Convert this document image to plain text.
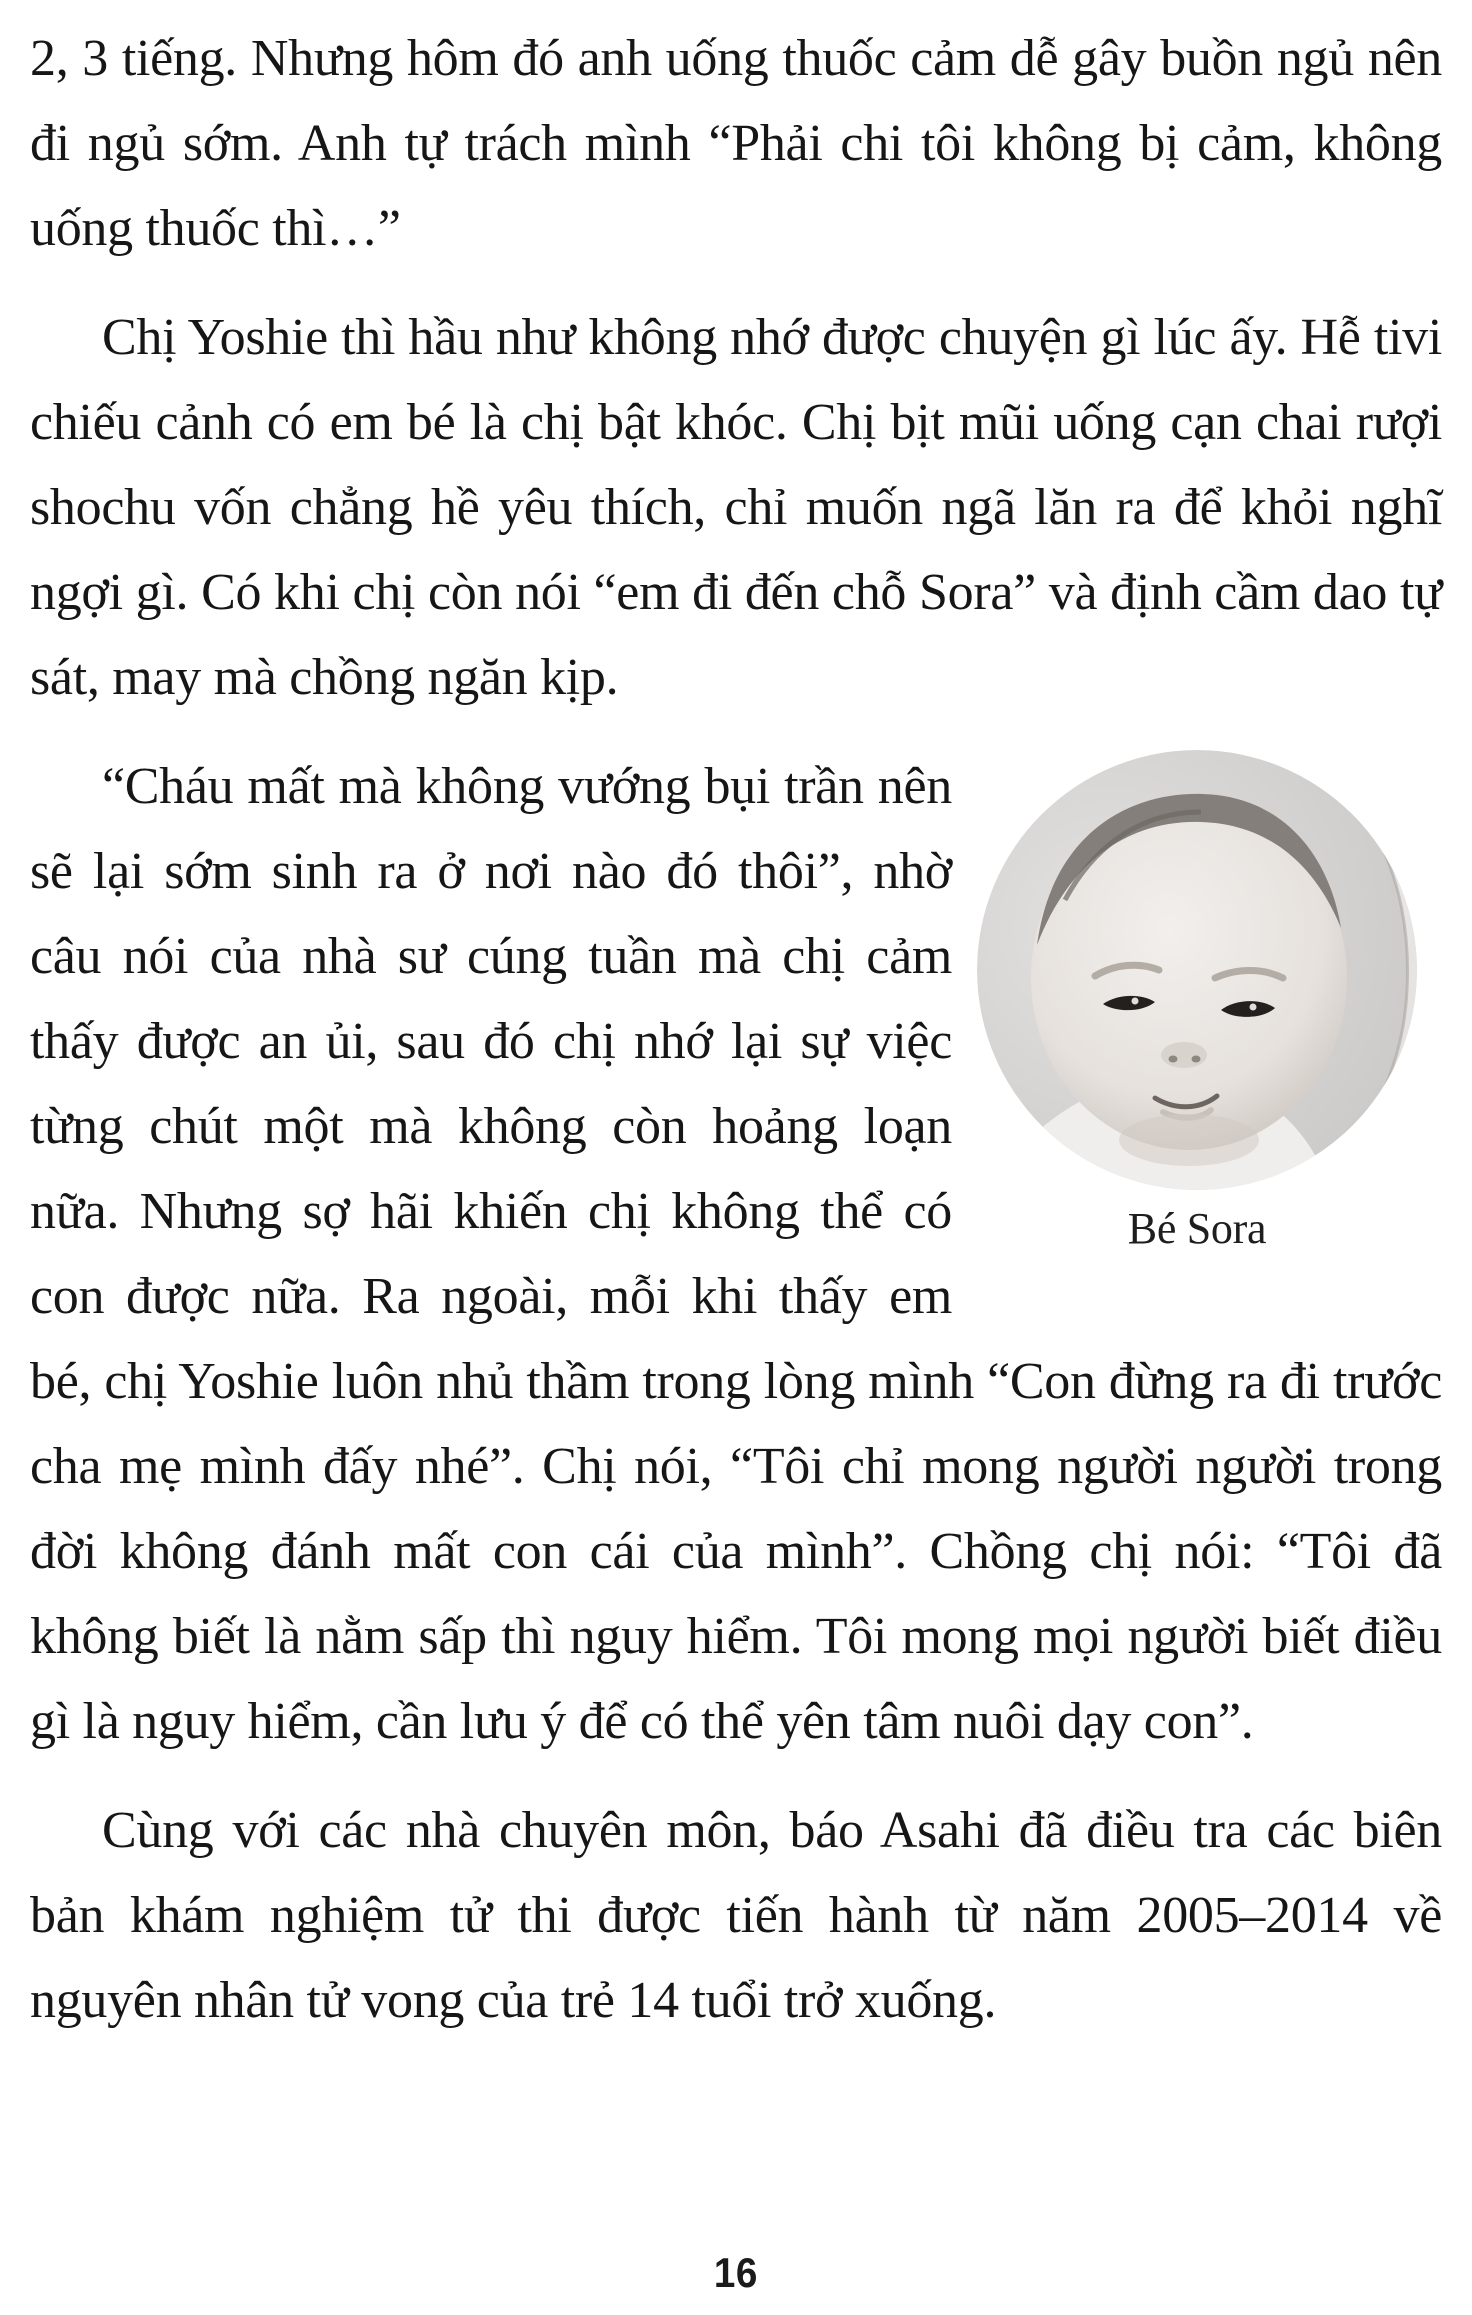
2, 3 tiếng. Nhưng hôm đó anh uống thuốc cảm dễ gây buồn ngủ nên đi ngủ sớm. Anh tự trách mình “Phải chi tôi không bị cảm, không uống thuốc thì…”

Chị Yoshie thì hầu như không nhớ được chuyện gì lúc ấy. Hễ tivi chiếu cảnh có em bé là chị bật khóc. Chị bịt mũi uống cạn chai rượi shochu vốn chẳng hề yêu thích, chỉ muốn ngã lăn ra để khỏi nghĩ ngợi gì. Có khi chị còn nói “em đi đến chỗ Sora” và định cầm dao tự sát, may mà chồng ngăn kịp.

Bé Sora

“Cháu mất mà không vướng bụi trần nên sẽ lại sớm sinh ra ở nơi nào đó thôi”, nhờ câu nói của nhà sư cúng tuần mà chị cảm thấy được an ủi, sau đó chị nhớ lại sự việc từng chút một mà không còn hoảng loạn nữa. Nhưng sợ hãi khiến chị không thể có con được nữa. Ra ngoài, mỗi khi thấy em bé, chị Yoshie luôn nhủ thầm trong lòng mình “Con đừng ra đi trước cha mẹ mình đấy nhé”. Chị nói, “Tôi chỉ mong người người trong đời không đánh mất con cái của mình”. Chồng chị nói: “Tôi đã không biết là nằm sấp thì nguy hiểm. Tôi mong mọi người biết điều gì là nguy hiểm, cần lưu ý để có thể yên tâm nuôi dạy con”.

Cùng với các nhà chuyên môn, báo Asahi đã điều tra các biên bản khám nghiệm tử thi được tiến hành từ năm 2005–2014 về nguyên nhân tử vong của trẻ 14 tuổi trở xuống.

16
